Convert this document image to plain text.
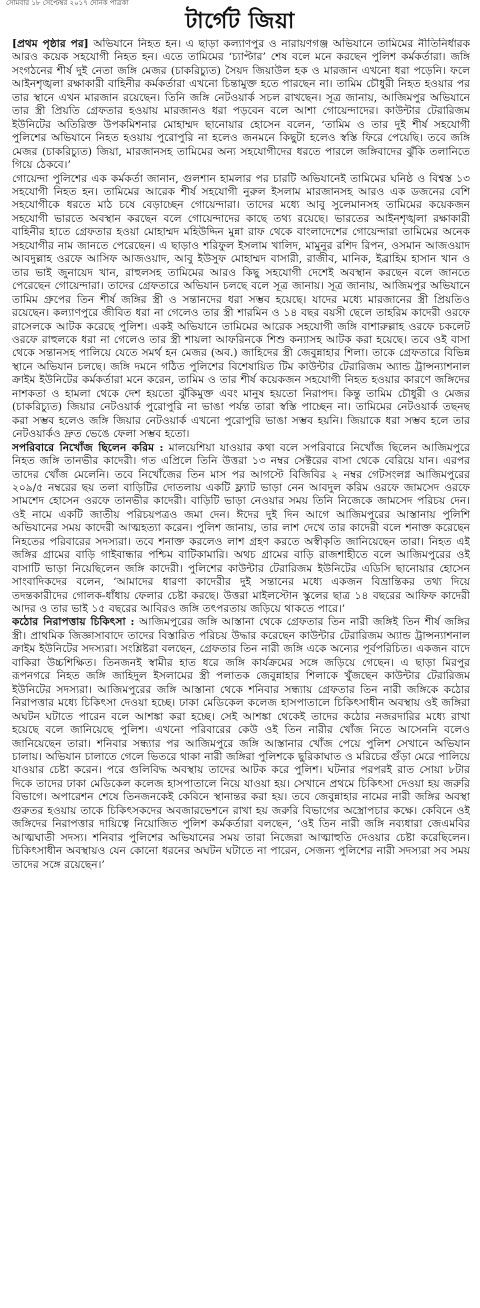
সোমবার ১৮ সেপ্টেম্বর ২০১৭ দৈনিক পত্রিকা
টার্গেট জিয়া

[প্রথম পৃষ্ঠার পর] অভিযানে নিহত হন। এ ছাড়া কল্যাণপুর ও নারায়ণগঞ্জ অভিযানে তামিমের নীতিনির্ধারক আরও কয়েক সহযোগী নিহত হন। এতে তামিমের ‘চ্যাপ্টার’ শেষ বলে মনে করছেন পুলিশ কর্মকর্তারা। জঙ্গি সংগঠনের শীর্ষ দুই নেতা জঙ্গি মেজর (চাকরিচ্যুত) সৈয়দ জিয়াউল হক ও মারজান এখনো ধরা পড়েনি। ফলে আইনশৃঙ্খলা রক্ষাকারী বাহিনীর কর্মকর্তারা এখনো চিন্তামুক্ত হতে পারছেন না। তামিম চৌধুরী নিহত হওয়ার পর তার স্থানে এখন মারজান রয়েছেন। তিনি জঙ্গি নেটওয়ার্ক সচল রাখছেন। সূত্র জানায়, আজিমপুর অভিযানে তার স্ত্রী প্রিয়তি গ্রেফতার হওয়ায় মারজানও ধরা পড়বেন বলে আশা গোয়েন্দাদের। কাউন্টার টেরারিজম ইউনিটের অতিরিক্ত উপকমিশনার মোহাম্মদ ছানোয়ার হোসেন বলেন, ‘তামিম ও তার দুই শীর্ষ সহযোগী পুলিশের অভিযানে নিহত হওয়ায় পুরোপুরি না হলেও জনমনে কিছুটা হলেও স্বস্তি ফিরে পেয়েছি। তবে জঙ্গি মেজর (চাকরিচ্যুত) জিয়া, মারজানসহ তামিমের অন্য সহযোগীদের ধরতে পারলে জঙ্গিবাদের ঝুঁকি তলানিতে গিয়ে ঠেকবে।’

গোয়েন্দা পুলিশের এক কর্মকর্তা জানান, গুলশান হামলার পর চারটি অভিযানেই তামিমের ঘনিষ্ঠ ও বিশ্বস্ত ১৩ সহযোগী নিহত হন। তামিমের আরেক শীর্ষ সহযোগী নুরুল ইসলাম মারজানসহ আরও এক ডজনের বেশি সহযোগীকে ধরতে মাঠ চষে বেড়াচ্ছেন গোয়েন্দারা। তাদের মধ্যে আবু সুলেমানসহ তামিমের কয়েকজন সহযোগী ভারতে অবস্থান করছেন বলে গোয়েন্দাদের কাছে তথ্য রয়েছে। ভারতের আইনশৃঙ্খলা রক্ষাকারী বাহিনীর হাতে গ্রেফতার হওয়া মোহাম্মদ মহিউদ্দিন মুন্না রাফ থেকে বাংলাদেশের গোয়েন্দারা তামিমের অনেক সহযোগীর নাম জানতে পেরেছেন। এ ছাড়াও শরিফুল ইসলাম খালিদ, মামুনুর রশিদ রিপন, ওসমান আজওয়াদ আবদুল্লাহ ওরফে আসিফ আজওয়াদ, আবু ইউসুফ মোহাম্মদ বাসারী, রাজীব, মানিক, ইব্রাহিম হাসান খান ও তার ভাই জুনায়েদ খান, রাহুলসহ তামিমের আরও কিছু সহযোগী দেশেই অবস্থান করছেন বলে জানতে পেরেছেন গোয়েন্দারা। তাদের গ্রেফতারে অভিযান চলছে বলে সূত্র জানায়। সূত্র জানায়, আজিমপুর অভিযানে তামিম গ্রুপের তিন শীর্ষ জঙ্গির স্ত্রী ও সন্তানদের ধরা সম্ভব হয়েছে। যাদের মধ্যে মারজানের স্ত্রী প্রিয়তিও রয়েছেন। কল্যাণপুরে জীবিত ধরা না গেলেও তার স্ত্রী শারমিন ও ১৪ বছর বয়সী ছেলে তাহরিম কাদেরী ওরফে রাসেলকে আটক করেছে পুলিশ। একই অভিযানে তামিমের আরেক সহযোগী জঙ্গি বাশারুল্লাহ ওরফে চকলেট ওরফে রাহুলকে ধরা না গেলেও তার স্ত্রী শায়লা আফরিনকে শিশু কন্যাসহ আটক করা হয়েছে। তবে ওই বাসা থেকে সন্তানসহ পালিয়ে যেতে সমর্থ হন মেজর (অব.) জাহিদের স্ত্রী জেবুন্নাহার শিলা। তাকে গ্রেফতারে বিভিন্ন স্থানে অভিযান চলছে। জঙ্গি দমনে গঠিত পুলিশের বিশেষায়িত টিম কাউন্টার টেরারিজম অ্যান্ড ট্রান্সন্যাশনাল ক্রাইম ইউনিটের কর্মকর্তারা মনে করেন, তামিম ও তার শীর্ষ কয়েকজন সহযোগী নিহত হওয়ার কারণে জঙ্গিদের নাশকতা ও হামলা থেকে দেশ হয়তো ঝুঁকিমুক্ত এবং মানুষ হয়তো নিরাপদ। কিন্তু তামিম চৌধুরী ও মেজর (চাকরিচ্যুত) জিয়ার নেটওয়ার্ক পুরোপুরি না ভাঙা পর্যন্ত তারা স্বস্তি পাচ্ছেন না। তামিমের নেটওয়ার্ক তছনছ করা সম্ভব হলেও জঙ্গি জিয়ার নেটওয়ার্ক এখনো পুরোপুরি ভাঙা সম্ভব হয়নি। জিয়াকে ধরা সম্ভব হলে তার নেটওয়ার্কও দ্রুত ভেঙে ফেলা সম্ভব হতো।

সপরিবারে নিখোঁজ ছিলেন করিম : মালয়েশিয়া যাওয়ার কথা বলে সপরিবারে নিখোঁজ ছিলেন আজিমপুরে নিহত জঙ্গি তানভীর কাদেরী। গত এপ্রিলে তিনি উত্তরা ১৩ নম্বর সেক্টরের বাসা থেকে বেরিয়ে যান। এরপর তাদের খোঁজ মেলেনি। তবে নিখোঁজের তিন মাস পর আগস্টে বিজিবির ২ নম্বর গেটসংলগ্ন আজিমপুরের ২০৯/৫ নম্বরের ছয় তলা বাড়িটির দোতলায় একটি ফ্ল্যাট ভাড়া নেন আবদুল করিম ওরফে জামসেদ ওরফে সামশেদ হোসেন ওরফে তানভীর কাদেরী। বাড়িটি ভাড়া নেওয়ার সময় তিনি নিজেকে জামসেদ পরিচয় দেন। ওই নামে একটি জাতীয় পরিচয়পত্রও জমা দেন। ঈদের দুই দিন আগে আজিমপুরের আস্তানায় পুলিশি অভিযানের সময় কাদেরী আত্মহত্যা করেন। পুলিশ জানায়, তার লাশ দেখে তার কাদেরী বলে শনাক্ত করেছেন নিহতের পরিবারের সদস্যরা। তবে শনাক্ত করলেও লাশ গ্রহণ করতে অস্বীকৃতি জানিয়েছেন তারা। নিহত এই জঙ্গির গ্রামের বাড়ি গাইবান্ধার পশ্চিম বাটিকামারি। অথচ গ্রামের বাড়ি রাজশাহীতে বলে আজিমপুরের ওই বাসাটি ভাড়া নিয়েছিলেন জঙ্গি কাদেরী। পুলিশের কাউন্টার টেরারিজম ইউনিটের এডিসি ছানোয়ার হোসেন সাংবাদিকদের বলেন, ‘আমাদের ধারণা কাদেরীর দুই সন্তানের মধ্যে একজন বিভ্রান্তিকর তথ্য দিয়ে তদন্তকারীদের গোলক-ধাঁধায় ফেলার চেষ্টা করছে। উত্তরা মাইলস্টোন স্কুলের ছাত্র ১৪ বছরের আফিফ কাদেরী আদর ও তার ভাই ১৫ বছরের আবিরও জঙ্গি তৎপরতায় জড়িয়ে থাকতে পারে।’

কঠোর নিরাপত্তায় চিকিৎসা : আজিমপুরের জঙ্গি আস্তানা থেকে গ্রেফতার তিন নারী জঙ্গিই তিন শীর্ষ জঙ্গির স্ত্রী। প্রাথমিক জিজ্ঞাসাবাদে তাদের বিস্তারিত পরিচয় উদ্ধার করেছেন কাউন্টার টেরারিজম অ্যান্ড ট্রান্সন্যাশনাল ক্রাইম ইউনিটের সদস্যরা। সংশ্লিষ্টরা বলছেন, গ্রেফতার তিন নারী জঙ্গি একে অন্যের পূর্বপরিচিত। একজন বাদে বাকিরা উচ্চশিক্ষিত। তিনজনই স্বামীর হাত ধরে জঙ্গি কার্যক্রমের সঙ্গে জড়িয়ে গেছেন। এ ছাড়া মিরপুর রূপনগরে নিহত জঙ্গি জাহিদুল ইসলামের স্ত্রী পলাতক জেবুন্নাহার শিলাকে খুঁজছেন কাউন্টার টেরারিজম ইউনিটের সদস্যরা। আজিমপুরের জঙ্গি আস্তানা থেকে শনিবার সন্ধ্যায় গ্রেফতার তিন নারী জঙ্গিকে কঠোর নিরাপত্তার মধ্যে চিকিৎসা দেওয়া হচ্ছে। ঢাকা মেডিকেল কলেজ হাসপাতালে চিকিৎসাধীন অবস্থায় ওই জঙ্গিরা অঘটন ঘটাতে পারেন বলে আশঙ্কা করা হচ্ছে। সেই আশঙ্কা থেকেই তাদের কঠোর নজরদারির মধ্যে রাখা হয়েছে বলে জানিয়েছে পুলিশ। এখনো পরিবারের কেউ ওই তিন নারীর খোঁজ নিতে আসেননি বলেও জানিয়েছেন তারা। শনিবার সন্ধ্যার পর আজিমপুরে জঙ্গি আস্তানার খোঁজ পেয়ে পুলিশ সেখানে অভিযান চালায়। অভিযান চালাতে গেলে ভিতরে থাকা নারী জঙ্গিরা পুলিশকে ছুরিকাঘাত ও মরিচের গুঁড়া মেরে পালিয়ে যাওয়ার চেষ্টা করেন। পরে গুলিবিদ্ধ অবস্থায় তাদের আটক করে পুলিশ। ঘটনার পরপরই রাত সোয়া ৮টার দিকে তাদের ঢাকা মেডিকেল কলেজ হাসপাতালে নিয়ে যাওয়া হয়। সেখানে প্রথমে চিকিৎসা দেওয়া হয় জরুরি বিভাগে। অপারেশন শেষে তিনজনকেই কেবিনে স্থানান্তর করা হয়। তবে জেবুন্নাহার নামের নারী জঙ্গির অবস্থা গুরুতর হওয়ায় তাকে চিকিৎসকদের অবজারভেশনে রাখা হয় জরুরি বিভাগের অস্ত্রোপচার কক্ষে। কেবিনে ওই জঙ্গিদের নিরাপত্তার দায়িত্বে নিয়োজিত পুলিশ কর্মকর্তারা বলছেন, ‘ওই তিন নারী জঙ্গি নব্যধারা জেএমবির আত্মঘাতী সদস্য। শনিবার পুলিশের অভিযানের সময় তারা নিজেরা আত্মাহুতি দেওয়ার চেষ্টা করেছিলেন। চিকিৎসাধীন অবস্থায়ও যেন কোনো ধরনের অঘটন ঘটাতে না পারেন, সেজন্য পুলিশের নারী সদস্যরা সব সময় তাদের সঙ্গে রয়েছেন।’
